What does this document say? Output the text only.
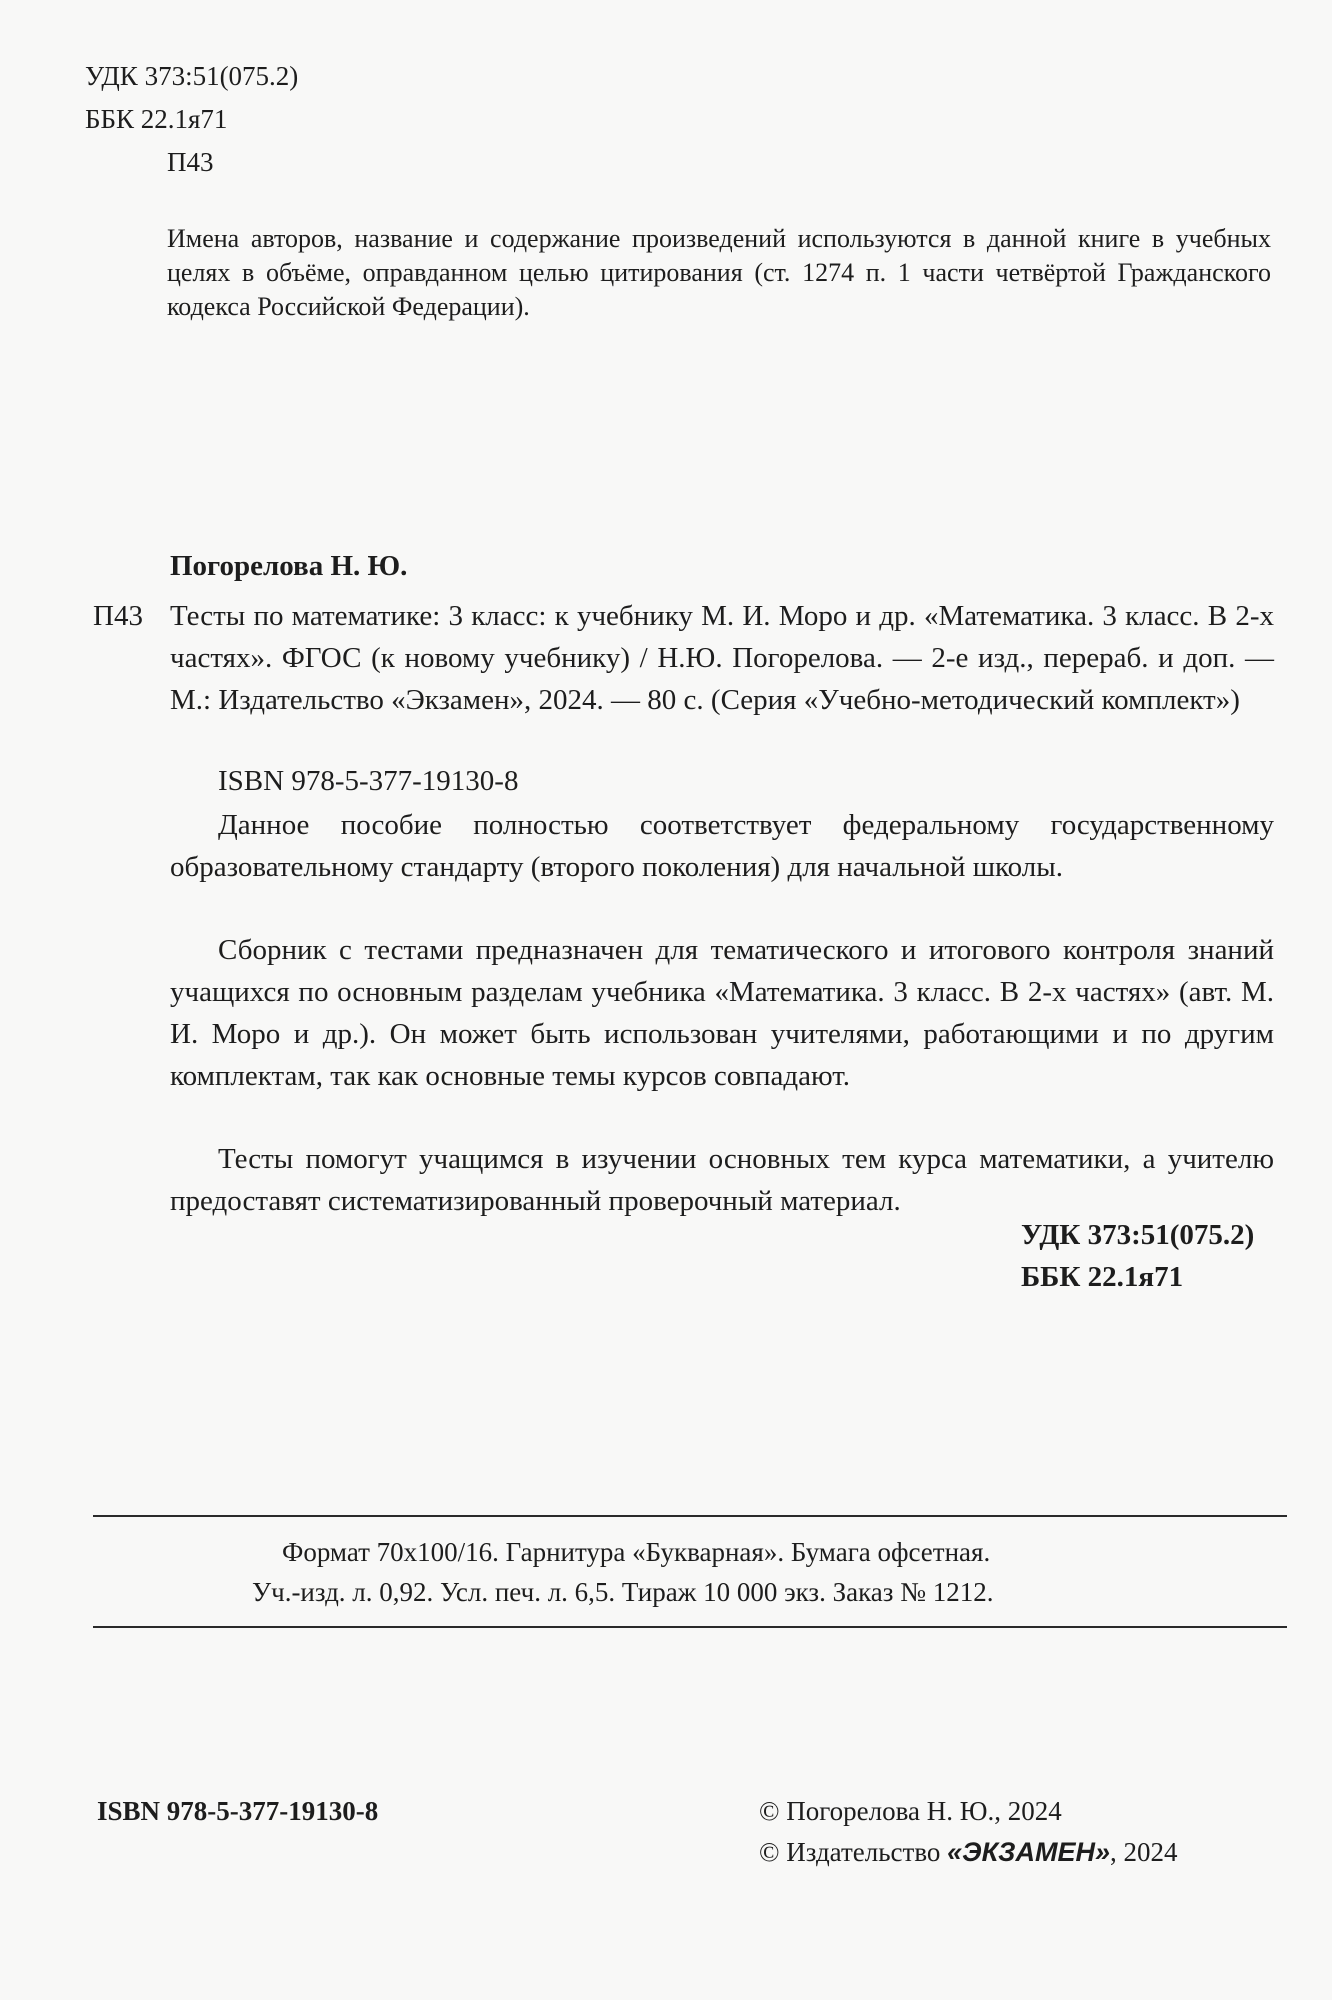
УДК 373:51(075.2)
ББК 22.1я71
П43
Имена авторов, название и содержание произведений используются в данной книге в учебных целях в объёме, оправданном целью цитирования (ст. 1274 п. 1 части четвёртой Гражданского кодекса Российской Федерации).
Погорелова Н. Ю.
П43 Тесты по математике: 3 класс: к учебнику М. И. Моро и др. «Математика. 3 класс. В 2-х частях». ФГОС (к новому учебнику) / Н.Ю. Погорелова. — 2-е изд., перераб. и доп. — М.: Издательство «Экзамен», 2024. — 80 с. (Серия «Учебно-методический комплект»)
ISBN 978-5-377-19130-8
Данное пособие полностью соответствует федеральному государственному образовательному стандарту (второго поколения) для начальной школы.
Сборник с тестами предназначен для тематического и итогового контроля знаний учащихся по основным разделам учебника «Математика. 3 класс. В 2-х частях» (авт. М. И. Моро и др.). Он может быть использован учителями, работающими и по другим комплектам, так как основные темы курсов совпадают.
Тесты помогут учащимся в изучении основных тем курса математики, а учителю предоставят систематизированный проверочный материал.
УДК 373:51(075.2)
ББК 22.1я71
Формат 70x100/16. Гарнитура «Букварная». Бумага офсетная.
Уч.-изд. л. 0,92. Усл. печ. л. 6,5. Тираж 10 000 экз. Заказ № 1212.
ISBN 978-5-377-19130-8	© Погорелова Н. Ю., 2024
© Издательство «ЭКЗАМЕН», 2024
